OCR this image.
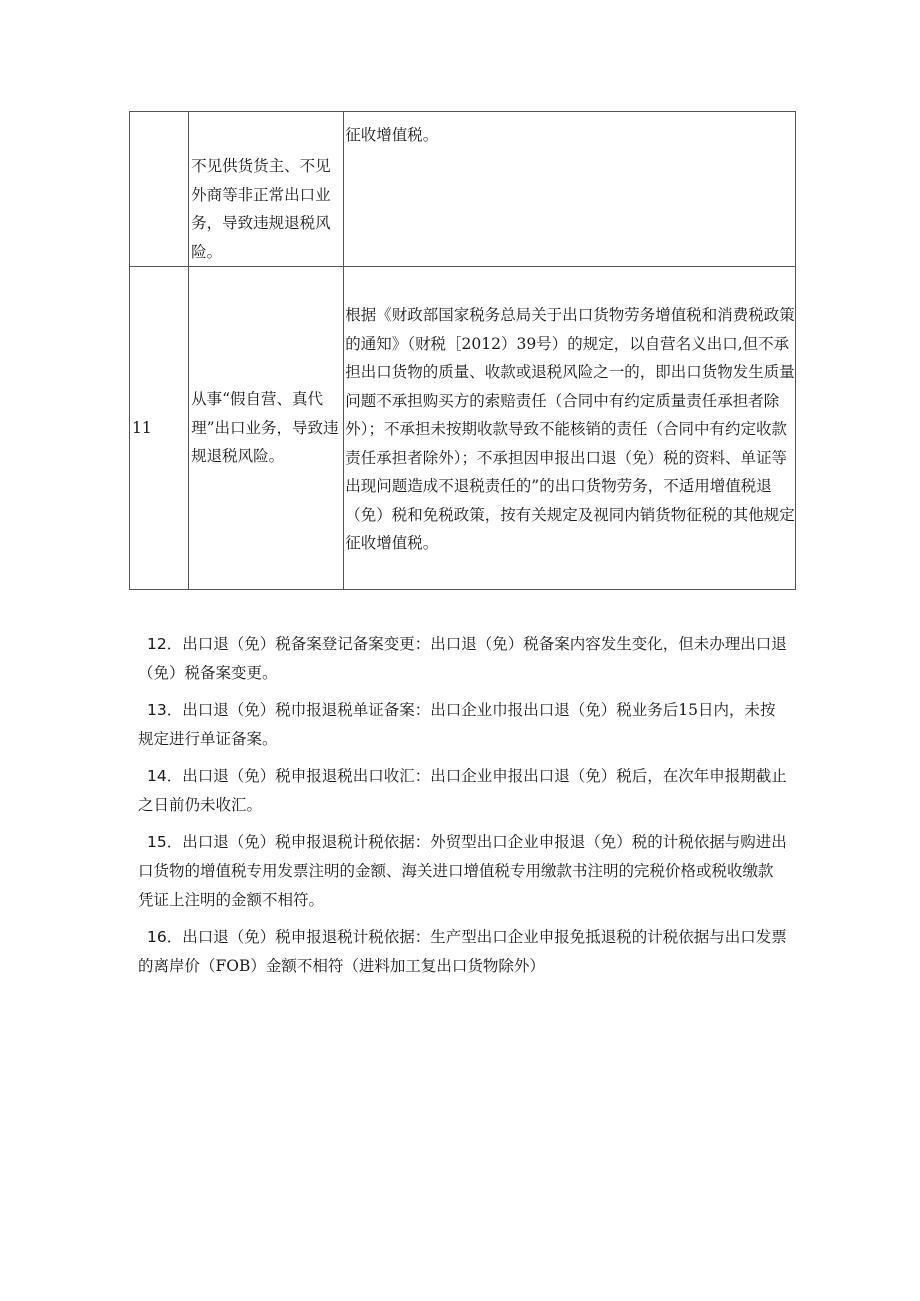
	不见供货货主、不见外商等非正常出口业务，导致违规退税风险。	征收增值税。

11	从事“假自营、真代理”出口业务，导致违规退税风险。	根据《财政部国家税务总局关于出口货物劳务增值税和消费税政策的通知》（财税［2012）39号）的规定，以自营名义出口,但不承担出口货物的质量、收款或退税风险之一的，即出口货物发生质量问题不承担购买方的索赔责任（合同中有约定质量责任承担者除外）；不承担未按期收款导致不能核销的责任（合同中有约定收款责任承担者除外）；不承担因申报出口退（免）税的资料、单证等出现问题造成不退税责任的”的出口货物劳务，不适用增值税退（免）税和免税政策，按有关规定及视同内销货物征税的其他规定征收增值税。

12．出口退（免）税备案登记备案变更：出口退（免）税备案内容发生变化，但未办理出口退（免）税备案变更。

13．出口退（免）税巾报退税单证备案：出口企业巾报出口退（免）税业务后15日内，未按规定进行单证备案。

14．出口退（免）税申报退税出口收汇：出口企业申报出口退（免）税后，在次年申报期截止之日前仍未收汇。

15．出口退（免）税申报退税计税依据：外贸型出口企业申报退（免）税的计税依据与购进出口货物的增值税专用发票注明的金额、海关进口增值税专用缴款书注明的完税价格或税收缴款凭证上注明的金额不相符。

16．出口退（免）税申报退税计税依据：生产型出口企业申报免抵退税的计税依据与出口发票的离岸价（FOB）金额不相符（进料加工复出口货物除外）
